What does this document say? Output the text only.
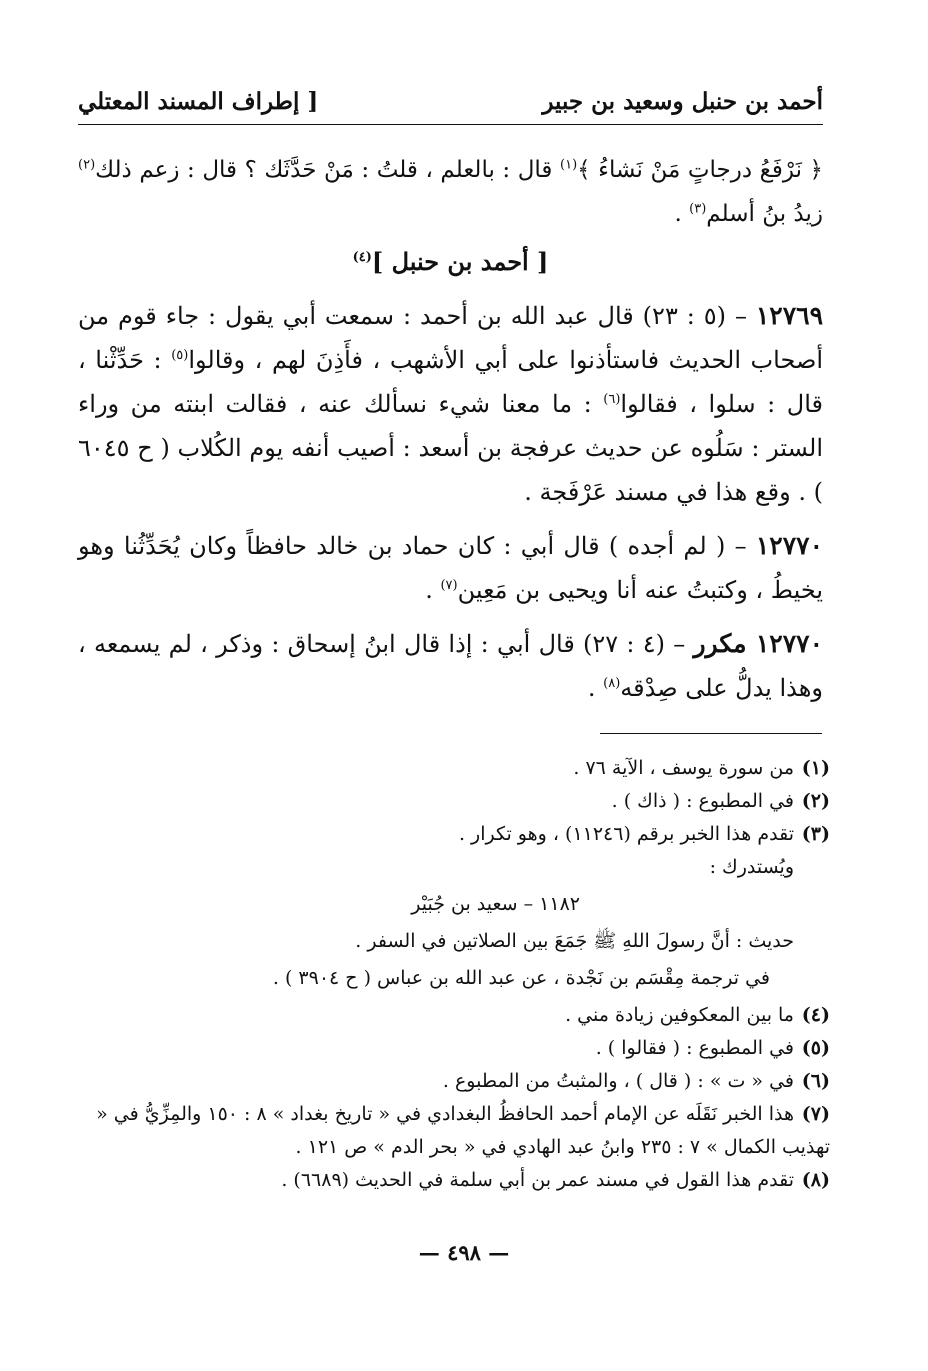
أحمد بن حنبل وسعيد بن جبير
[ إطراف المسند المعتلي

﴿ نَرْفَعُ درجاتٍ مَنْ نَشاءُ ﴾$^{(١)}$ قال : بالعلم ، قلتُ : مَنْ حَدَّثَك ؟ قال : زعم ذلك$^{(٢)}$ زيدُ بنُ أسلم$^{(٣)}$ .

[ أحمد بن حنبل ]$^{(٤)}$

١٢٧٦٩ – (٥ : ٢٣) قال عبد الله بن أحمد : سمعت أبي يقول : جاء قوم من أصحاب الحديث فاستأذنوا على أبي الأشهب ، فأَذِنَ لهم ، وقالوا$^{(٥)}$ : حَدِّثْنا ، قال : سلوا ، فقالوا$^{(٦)}$ : ما معنا شيء نسألك عنه ، فقالت ابنته من وراء الستر : سَلُوه عن حديث عرفجة بن أسعد : أصيب أنفه يوم الكُلاب ( ح ٦٠٤٥ ) . وقع هذا في مسند عَرْفَجة .

١٢٧٧٠ – ( لم أجده ) قال أبي : كان حماد بن خالد حافظاً وكان يُحَدِّثُنا وهو يخيطُ ، وكتبتُ عنه أنا ويحيى بن مَعِين$^{(٧)}$ .

١٢٧٧٠ مكرر – (٤ : ٢٧) قال أبي : إذا قال ابنُ إسحاق : وذكر ، لم يسمعه ، وهذا يدلُّ على صِدْقه$^{(٨)}$ .

(١)من سورة يوسف ، الآية ٧٦ .

(٢)في المطبوع : ( ذاك ) .

(٣)تقدم هذا الخبر برقم (١١٢٤٦) ، وهو تكرار .

ويُستدرك :

١١٨٢ – سعيد بن جُبَيْر

حديث : أنَّ رسولَ اللهِ ﷺ جَمَعَ بين الصلاتين في السفر .

في ترجمة مِقْسَم بن نَجْدة ، عن عبد الله بن عباس ( ح ٣٩٠٤ ) .

(٤)ما بين المعكوفين زيادة مني .

(٥)في المطبوع : ( فقالوا ) .

(٦)في « ت » : ( قال ) ، والمثبتُ من المطبوع .

(٧)هذا الخبر نَقَلَه عن الإمام أحمد الحافظُ البغدادي في « تاريخ بغداد » ٨ : ١٥٠ والمِزِّيُّ في « تهذيب الكمال » ٧ : ٢٣٥ وابنُ عبد الهادي في « بحر الدم » ص ١٢١ .

(٨)تقدم هذا القول في مسند عمر بن أبي سلمة في الحديث (٦٦٨٩) .

— ٤٩٨ —
